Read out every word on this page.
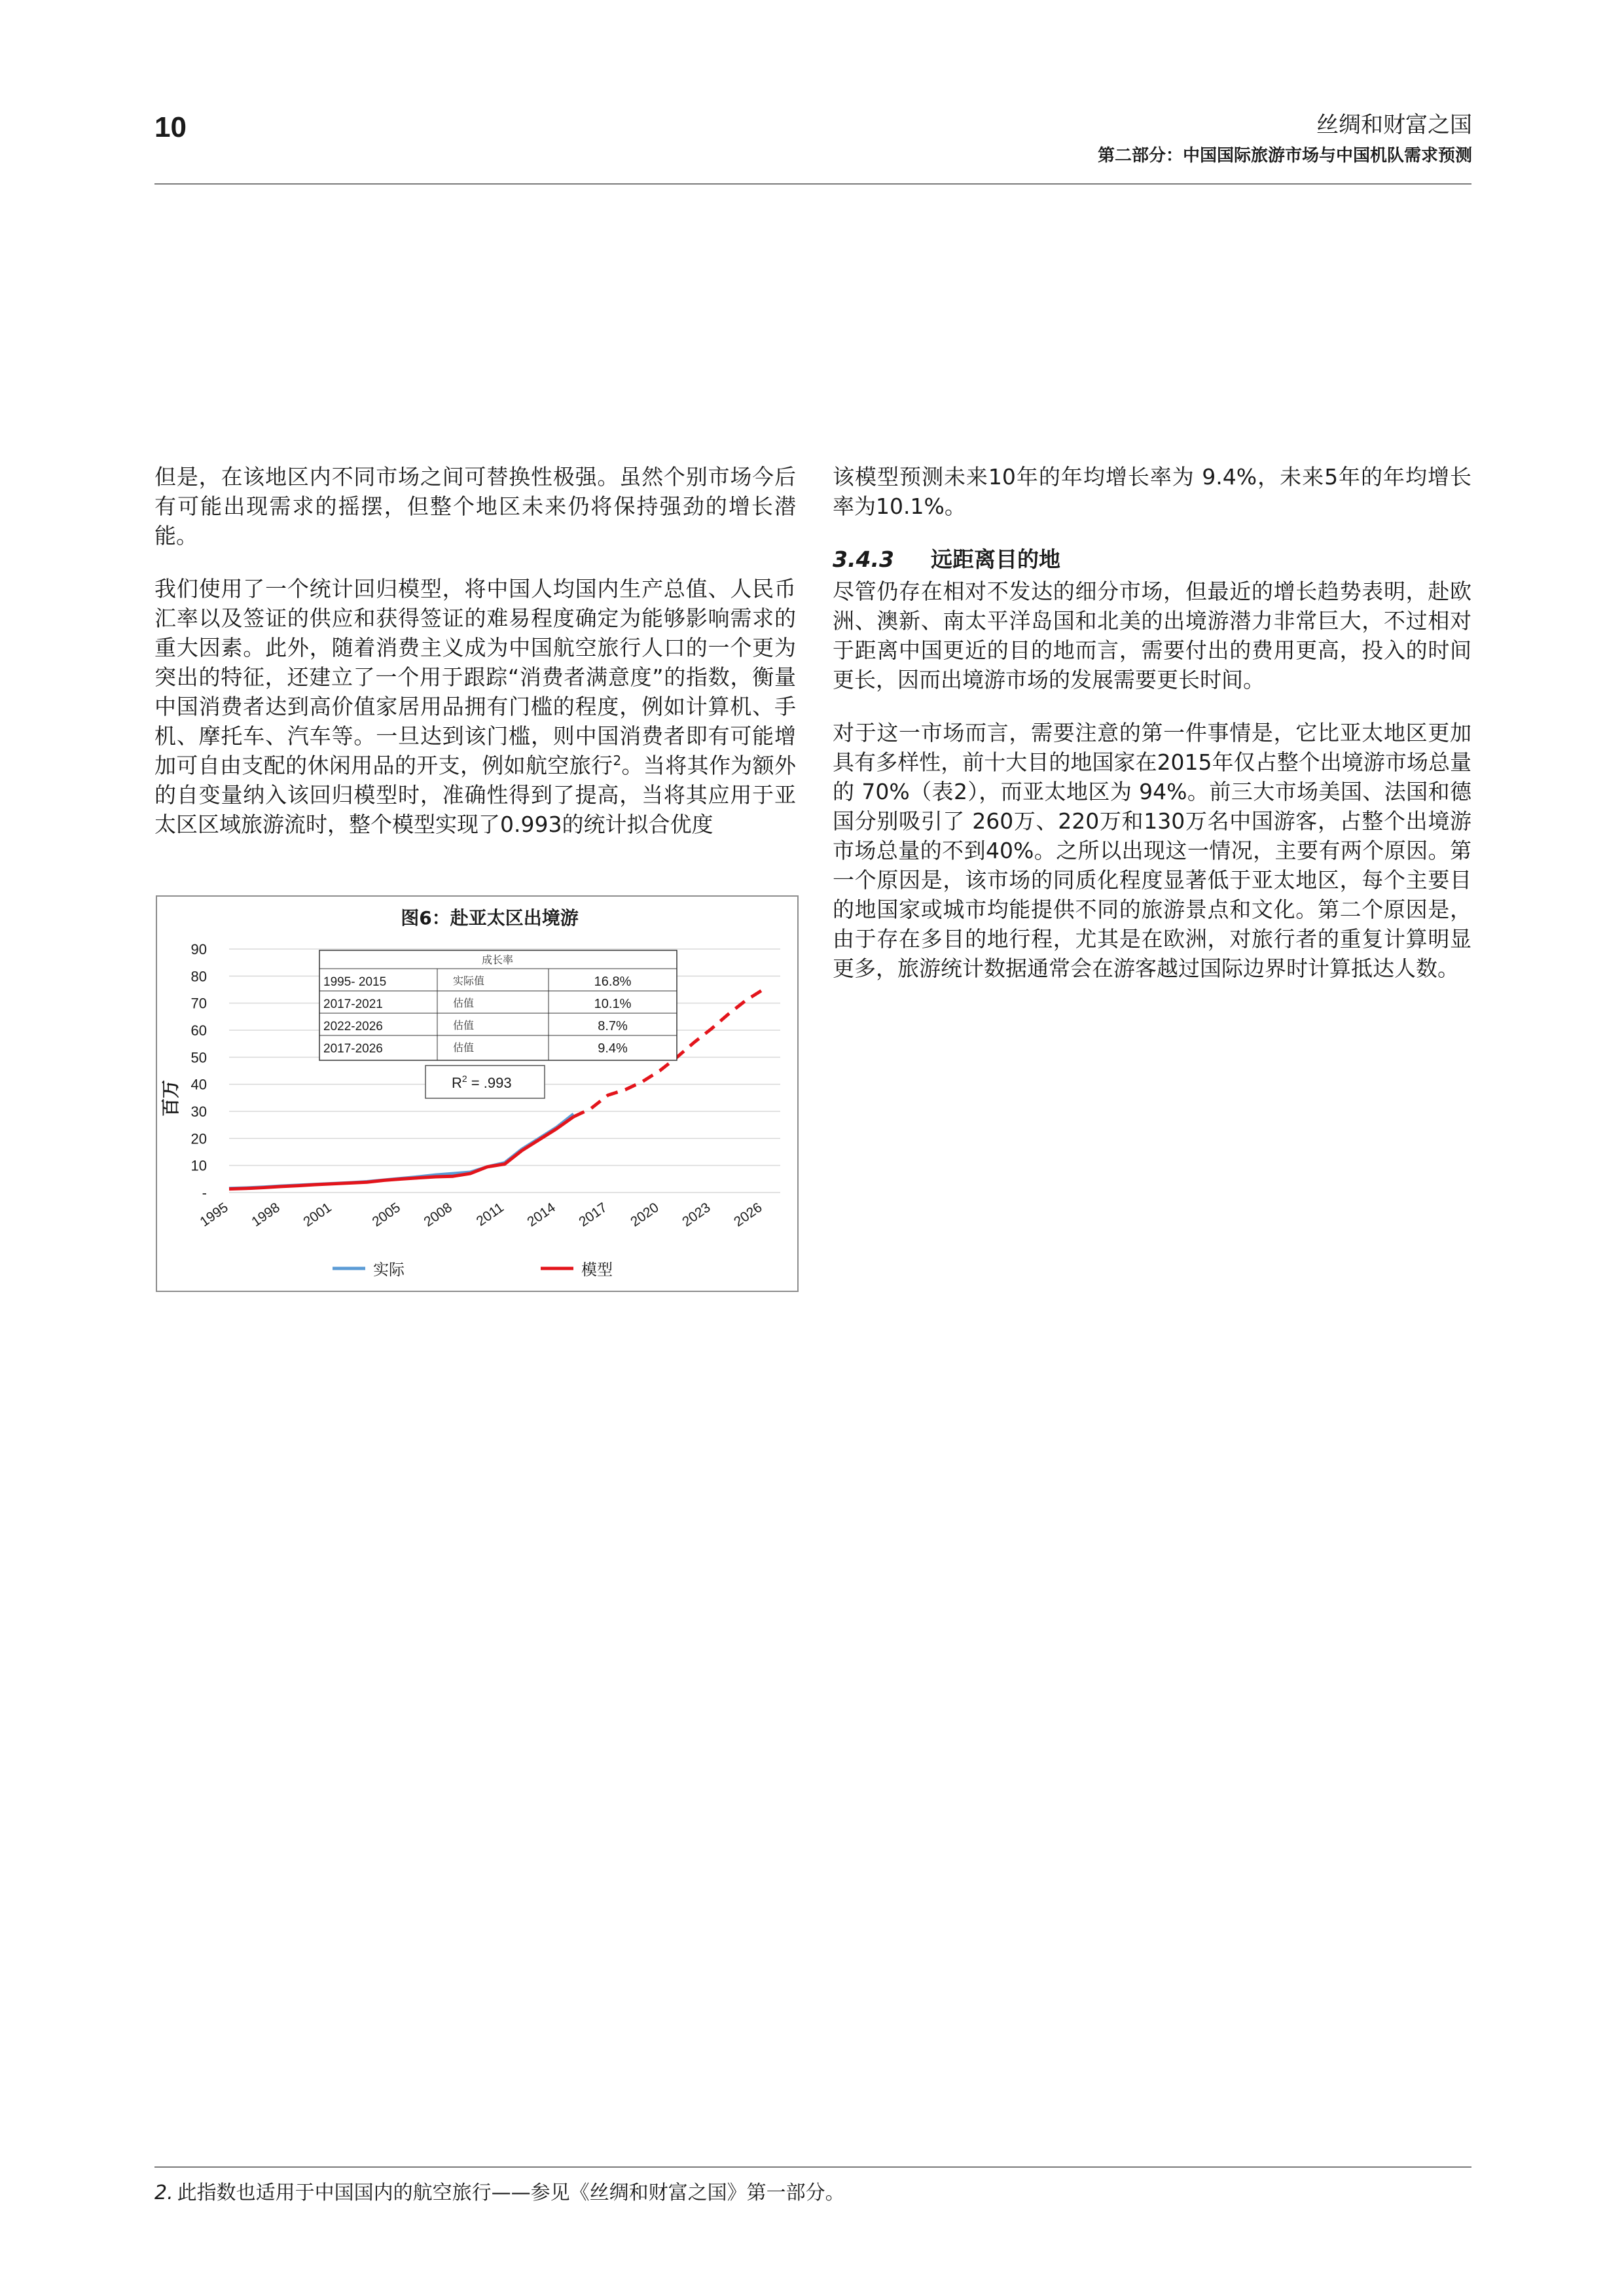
10	丝绸和财富之国
第二部分：中国国际旅游市场与中国机队需求预测

但是，在该地区内不同市场之间可替换性极强。虽然个别市场今后有可能出现需求的摇摆，但整个地区未来仍将保持强劲的增长潜能。

我们使用了一个统计回归模型，将中国人均国内生产总值、人民币汇率以及签证的供应和获得签证的难易程度确定为能够影响需求的重大因素。此外，随着消费主义成为中国航空旅行人口的一个更为突出的特征，还建立了一个用于跟踪“消费者满意度”的指数，衡量中国消费者达到高价值家居用品拥有门槛的程度，例如计算机、手机、摩托车、汽车等。一旦达到该门槛，则中国消费者即有可能增加可自由支配的休闲用品的开支，例如航空旅行$^2$。当将其作为额外的自变量纳入该回归模型时，准确性得到了提高，当将其应用于亚太区区域旅游流时，整个模型实现了0.993的统计拟合优度

图6：赴亚太区出境游
-
10
20
30
40
50
60
70
80
90
1995 1998 2001	2005 2008 2011 2014 2017 2020 2023 2026
百万
成长率
1995- 2015	实际值	16.8%
2017-2021	估值	10.1%
2022-2026	估值	8.7%
2017-2026	估值	9.4%
$R^2 = .993$
实际	模型

该模型预测未来10年的年均增长率为 9.4%，未来5年的年均增长率为10.1%。

3.4.3 远距离目的地

尽管仍存在相对不发达的细分市场，但最近的增长趋势表明，赴欧洲、澳新、南太平洋岛国和北美的出境游潜力非常巨大，不过相对于距离中国更近的目的地而言，需要付出的费用更高，投入的时间更长，因而出境游市场的发展需要更长时间。

对于这一市场而言，需要注意的第一件事情是，它比亚太地区更加具有多样性，前十大目的地国家在2015年仅占整个出境游市场总量的 70%（表2），而亚太地区为 94%。前三大市场美国、法国和德国分别吸引了 260万、220万和130万名中国游客，占整个出境游市场总量的不到40%。之所以出现这一情况，主要有两个原因。第一个原因是，该市场的同质化程度显著低于亚太地区，每个主要目的地国家或城市均能提供不同的旅游景点和文化。第二个原因是，由于存在多目的地行程，尤其是在欧洲，对旅行者的重复计算明显更多，旅游统计数据通常会在游客越过国际边界时计算抵达人数。

2. 此指数也适用于中国国内的航空旅行——参见《丝绸和财富之国》第一部分。
